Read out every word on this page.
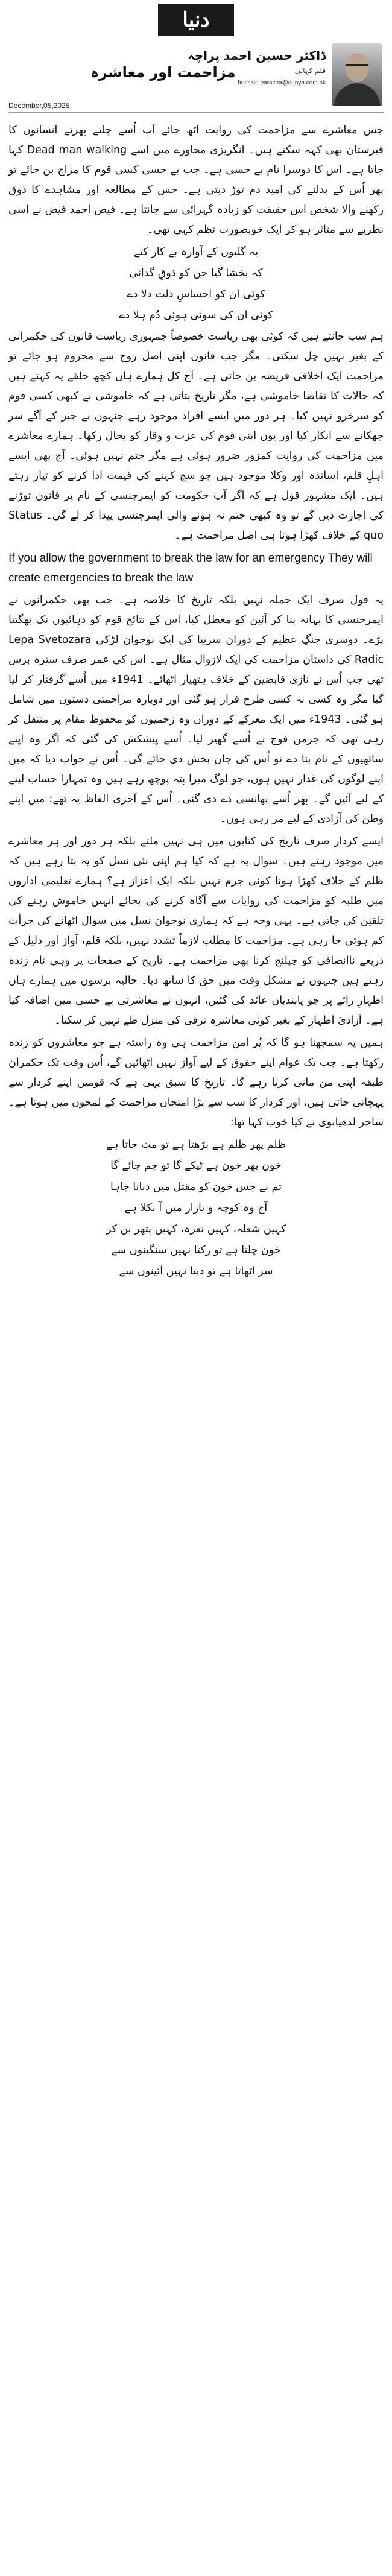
دنیا
ڈاکٹر حسین احمد پراچہ
قلم کہانی
hussain.paracha@dunya.com.pk
مزاحمت اور معاشرہ
December,05,2025

جس معاشرے سے مزاحمت کی روایت اٹھ جائے آپ اُسے چلتے پھرتے انسانوں کا قبرستان بھی کہہ سکتے ہیں۔ انگریزی محاورے میں اسے Dead man walking کہا جاتا ہے۔ اس کا دوسرا نام بے حسی ہے۔ جب بے حسی کسی قوم کا مزاج بن جائے تو پھر اُس کے بدلنے کی امید دم توڑ دیتی ہے۔ جس کے مطالعہ اور مشاہدے کا ذوق رکھنے والا شخص اس حقیقت کو زیادہ گہرائی سے جانتا ہے۔ فیض احمد فیض نے اسی نظریے سے متاثر ہو کر ایک خوبصورت نظم کہی تھی۔

یہ گلیوں کے آوارہ بے کار کتے

کہ بخشا گیا جن کو ذوقِ گدائی

کوئی ان کو احساسِ ذلت دلا دے

کوئی ان کی سوئی ہوئی دُم ہلا دے

ہم سب جانتے ہیں کہ کوئی بھی ریاست خصوصاً جمہوری ریاست قانون کی حکمرانی کے بغیر نہیں چل سکتی۔ مگر جب قانون اپنی اصل روح سے محروم ہو جائے تو مزاحمت ایک اخلاقی فریضہ بن جاتی ہے۔ آج کل ہمارے ہاں کچھ حلقے یہ کہتے ہیں کہ حالات کا تقاضا خاموشی ہے، مگر تاریخ بتاتی ہے کہ خاموشی نے کبھی کسی قوم کو سرخرو نہیں کیا۔ ہر دور میں ایسے افراد موجود رہے جنہوں نے جبر کے آگے سر جھکانے سے انکار کیا اور یوں اپنی قوم کی عزت و وقار کو بحال رکھا۔ ہمارے معاشرے میں مزاحمت کی روایت کمزور ضرور ہوئی ہے مگر ختم نہیں ہوئی۔ آج بھی ایسے اہلِ قلم، اساتذہ اور وکلا موجود ہیں جو سچ کہنے کی قیمت ادا کرنے کو تیار رہتے ہیں۔ ایک مشہور قول ہے کہ اگر آپ حکومت کو ایمرجنسی کے نام پر قانون توڑنے کی اجازت دیں گے تو وہ کبھی ختم نہ ہونے والی ایمرجنسی پیدا کر لے گی۔ Status quo کے خلاف کھڑا ہونا ہی اصل مزاحمت ہے۔

If you allow the government to break the law for an emergency They will create emergencies to break the law

یہ قول صرف ایک جملہ نہیں بلکہ تاریخ کا خلاصہ ہے۔ جب بھی حکمرانوں نے ایمرجنسی کا بہانہ بنا کر آئین کو معطل کیا، اس کے نتائج قوم کو دہائیوں تک بھگتنا پڑے۔ دوسری جنگِ عظیم کے دوران سربیا کی ایک نوجوان لڑکی Lepa Svetozara Radic کی داستان مزاحمت کی ایک لازوال مثال ہے۔ اس کی عمر صرف سترہ برس تھی جب اُس نے نازی قابضین کے خلاف ہتھیار اٹھائے۔ 1941ء میں اُسے گرفتار کر لیا گیا مگر وہ کسی نہ کسی طرح فرار ہو گئی اور دوبارہ مزاحمتی دستوں میں شامل ہو گئی۔ 1943ء میں ایک معرکے کے دوران وہ زخمیوں کو محفوظ مقام پر منتقل کر رہی تھی کہ جرمن فوج نے اُسے گھیر لیا۔ اُسے پیشکش کی گئی کہ اگر وہ اپنے ساتھیوں کے نام بتا دے تو اُس کی جان بخش دی جائے گی۔ اُس نے جواب دیا کہ میں اپنے لوگوں کی غدار نہیں ہوں، جو لوگ میرا پتہ پوچھ رہے ہیں وہ تمہارا حساب لینے کے لیے آئیں گے۔ پھر اُسے پھانسی دے دی گئی۔ اُس کے آخری الفاظ یہ تھے: میں اپنے وطن کی آزادی کے لیے مر رہی ہوں۔

ایسے کردار صرف تاریخ کی کتابوں میں ہی نہیں ملتے بلکہ ہر دور اور ہر معاشرے میں موجود رہتے ہیں۔ سوال یہ ہے کہ کیا ہم اپنی نئی نسل کو یہ بتا رہے ہیں کہ ظلم کے خلاف کھڑا ہونا کوئی جرم نہیں بلکہ ایک اعزاز ہے؟ ہمارے تعلیمی اداروں میں طلبہ کو مزاحمت کی روایات سے آگاہ کرنے کی بجائے انہیں خاموش رہنے کی تلقین کی جاتی ہے۔ یہی وجہ ہے کہ ہماری نوجوان نسل میں سوال اٹھانے کی جرأت کم ہوتی جا رہی ہے۔ مزاحمت کا مطلب لازماً تشدد نہیں، بلکہ قلم، آواز اور دلیل کے ذریعے ناانصافی کو چیلنج کرنا بھی مزاحمت ہے۔ تاریخ کے صفحات پر وہی نام زندہ رہتے ہیں جنہوں نے مشکل وقت میں حق کا ساتھ دیا۔ حالیہ برسوں میں ہمارے ہاں اظہارِ رائے پر جو پابندیاں عائد کی گئیں، انہوں نے معاشرتی بے حسی میں اضافہ کیا ہے۔ آزادیٔ اظہار کے بغیر کوئی معاشرہ ترقی کی منزل طے نہیں کر سکتا۔

ہمیں یہ سمجھنا ہو گا کہ پُر امن مزاحمت ہی وہ راستہ ہے جو معاشروں کو زندہ رکھتا ہے۔ جب تک عوام اپنے حقوق کے لیے آواز نہیں اٹھائیں گے، اُس وقت تک حکمران طبقہ اپنی من مانی کرتا رہے گا۔ تاریخ کا سبق یہی ہے کہ قومیں اپنے کردار سے پہچانی جاتی ہیں، اور کردار کا سب سے بڑا امتحان مزاحمت کے لمحوں میں ہوتا ہے۔ ساحر لدھیانوی نے کیا خوب کہا تھا:

ظلم پھر ظلم ہے بڑھتا ہے تو مٹ جاتا ہے

خون پھر خون ہے ٹپکے گا تو جم جائے گا

تم نے جس خون کو مقتل میں دبانا چاہا

آج وہ کوچہ و بازار میں آ نکلا ہے

کہیں شعلہ، کہیں نعرہ، کہیں پتھر بن کر

خون چلتا ہے تو رکتا نہیں سنگینوں سے

سر اٹھاتا ہے تو دبتا نہیں آئینوں سے
